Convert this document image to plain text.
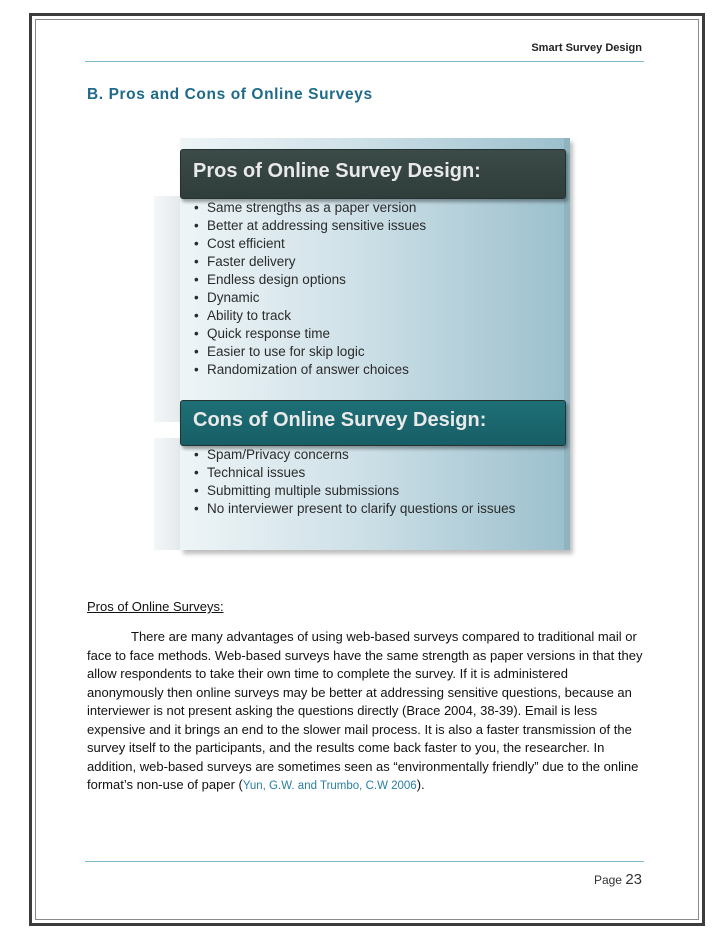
Smart Survey Design
B. Pros and Cons of Online Surveys
• Same strengths as a paper version
• Better at addressing sensitive issues
• Cost efficient
• Faster delivery
• Endless design options
• Dynamic
• Ability to track
• Quick response time
• Easier to use for skip logic
• Randomization of answer choices
Pros of Online Survey Design:
• Spam/Privacy concerns
• Technical issues
• Submitting multiple submissions
• No interviewer present to clarify questions or issues
Cons of Online Survey Design:
Pros of Online Surveys:

There are many advantages of using web-based surveys compared to traditional mail or face to face methods. Web-based surveys have the same strength as paper versions in that they allow respondents to take their own time to complete the survey. If it is administered anonymously then online surveys may be better at addressing sensitive questions, because an interviewer is not present asking the questions directly (Brace 2004, 38-39). Email is less expensive and it brings an end to the slower mail process. It is also a faster transmission of the survey itself to the participants, and the results come back faster to you, the researcher. In addition, web-based surveys are sometimes seen as “environmentally friendly” due to the online format’s non-use of paper (Yun, G.W. and Trumbo, C.W 2006).

Page 23
